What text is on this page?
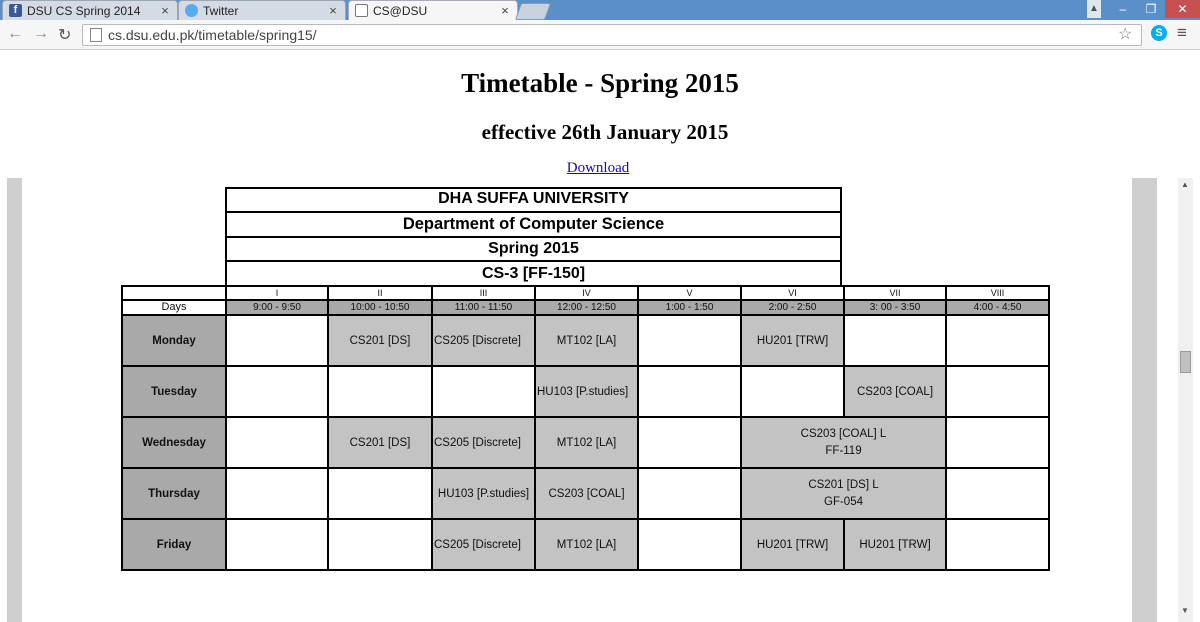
f DSU CS Spring 2014	×	Twitter	×	CS@DSU	×	▲	–	❐	✕
← → ↻	cs.dsu.edu.pk/timetable/spring15/	☆	S ≡
Timetable - Spring 2015
effective 26th January 2015
Download
DHA SUFFA UNIVERSITY
Department of Computer Science
Spring 2015
CS-3 [FF-150]
	I	II	III	IV	V	VI	VII	VIII
Days	9:00 - 9:50	10:00 - 10:50	11:00 - 11:50	12:00 - 12:50	1:00 - 1:50	2:00 - 2:50	3: 00 - 3:50	4:00 - 4:50
Monday		CS201 [DS]	CS205 [Discrete]	MT102 [LA]		HU201 [TRW]		
Tuesday				HU103 [P.studies]			CS203 [COAL]	
Wednesday		CS201 [DS]	CS205 [Discrete]	MT102 [LA]		CS203 [COAL] L
FF-119		

Thursday			HU103 [P.studies]	CS203 [COAL]		CS201 [DS] L
GF-054		

Friday			CS205 [Discrete]	MT102 [LA]		HU201 [TRW]	HU201 [TRW]	
▲
▼
